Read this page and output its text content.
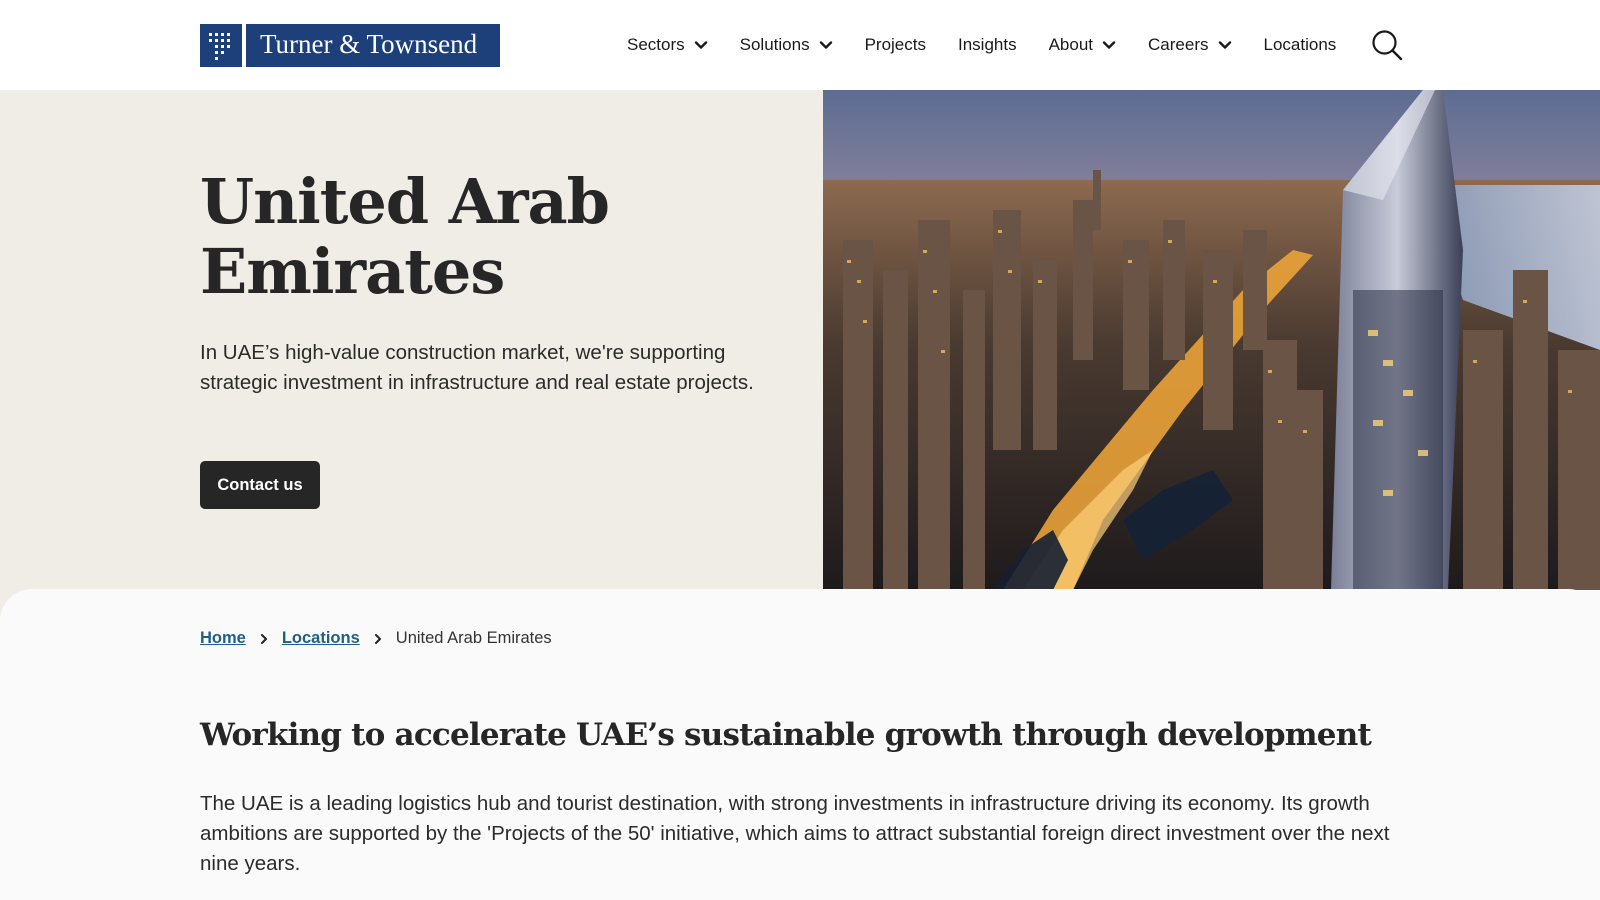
Turner & Townsend	Sectors	Solutions	Projects Insights About	Careers	Locations
United Arab
Emirates
In UAE’s high-value construction market, we're supporting strategic investment in infrastructure and real estate projects.
Contact us
Home Locations United Arab Emirates
Working to accelerate UAE’s sustainable growth through development

The UAE is a leading logistics hub and tourist destination, with strong investments in infrastructure driving its economy. Its growth ambitions are supported by the 'Projects of the 50' initiative, which aims to attract substantial foreign direct investment over the next nine years.
